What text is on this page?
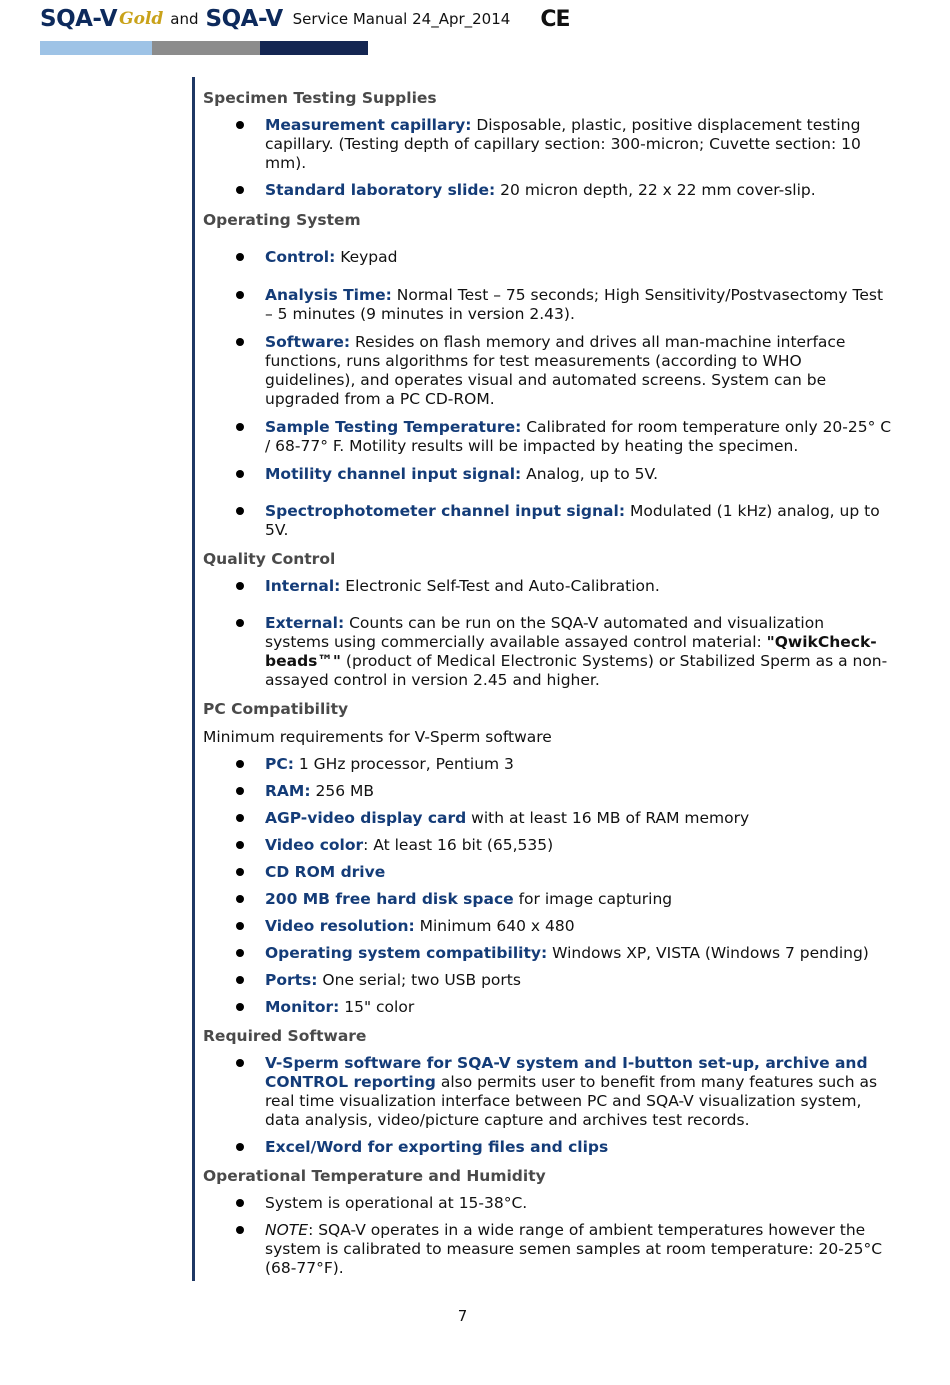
SQA-V Gold and SQA-V Service Manual 24_Apr_2014 CE
Specimen Testing Supplies
Measurement capillary: Disposable, plastic, positive displacement testing capillary. (Testing depth of capillary section: 300-micron; Cuvette section: 10 mm).
Standard laboratory slide: 20 micron depth, 22 x 22 mm cover-slip.
Operating System
Control: Keypad
Analysis Time: Normal Test – 75 seconds; High Sensitivity/Postvasectomy Test – 5 minutes (9 minutes in version 2.43).
Software: Resides on flash memory and drives all man-machine interface functions, runs algorithms for test measurements (according to WHO guidelines), and operates visual and automated screens. System can be upgraded from a PC CD-ROM.
Sample Testing Temperature: Calibrated for room temperature only 20-25° C / 68-77° F. Motility results will be impacted by heating the specimen.
Motility channel input signal: Analog, up to 5V.
Spectrophotometer channel input signal: Modulated (1 kHz) analog, up to 5V.
Quality Control
Internal: Electronic Self-Test and Auto-Calibration.
External: Counts can be run on the SQA-V automated and visualization systems using commercially available assayed control material: "QwikCheck-beads™" (product of Medical Electronic Systems) or Stabilized Sperm as a non-assayed control in version 2.45 and higher.
PC Compatibility

Minimum requirements for V-Sperm software

PC: 1 GHz processor, Pentium 3
RAM: 256 MB
AGP-video display card with at least 16 MB of RAM memory
Video color: At least 16 bit (65,535)
CD ROM drive
200 MB free hard disk space for image capturing
Video resolution: Minimum 640 x 480
Operating system compatibility: Windows XP, VISTA (Windows 7 pending)
Ports: One serial; two USB ports
Monitor: 15" color
Required Software
V-Sperm software for SQA-V system and I-button set-up, archive and CONTROL reporting also permits user to benefit from many features such as real time visualization interface between PC and SQA-V visualization system, data analysis, video/picture capture and archives test records.
Excel/Word for exporting files and clips
Operational Temperature and Humidity
System is operational at 15-38°C.
NOTE: SQA-V operates in a wide range of ambient temperatures however the system is calibrated to measure semen samples at room temperature: 20-25°C (68-77°F).
7
